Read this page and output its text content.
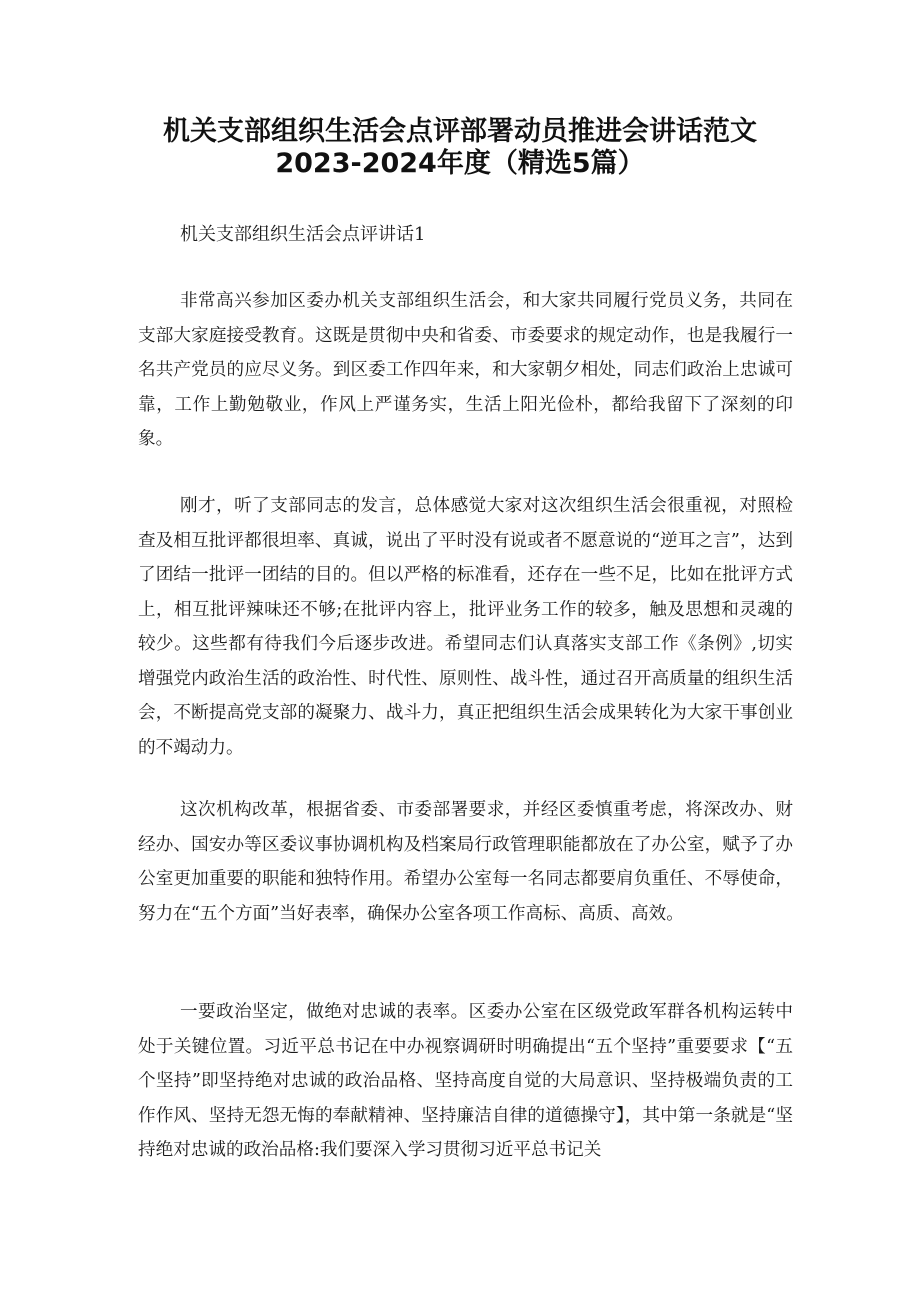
机关支部组织生活会点评部署动员推进会讲话范文
2023-2024年度（精选5篇）
机关支部组织生活会点评讲话1

非常高兴参加区委办机关支部组织生活会，和大家共同履行党员义务，共同在支部大家庭接受教育。这既是贯彻中央和省委、市委要求的规定动作，也是我履行一名共产党员的应尽义务。到区委工作四年来，和大家朝夕相处，同志们政治上忠诚可靠，工作上勤勉敬业，作风上严谨务实，生活上阳光俭朴，都给我留下了深刻的印象。

刚才，听了支部同志的发言，总体感觉大家对这次组织生活会很重视，对照检查及相互批评都很坦率、真诚，说出了平时没有说或者不愿意说的“逆耳之言”，达到了团结一批评一团结的目的。但以严格的标准看，还存在一些不足，比如在批评方式上，相互批评辣味还不够;在批评内容上，批评业务工作的较多，触及思想和灵魂的较少。这些都有待我们今后逐步改进。希望同志们认真落实支部工作《条例》,切实增强党内政治生活的政治性、时代性、原则性、战斗性，通过召开高质量的组织生活会，不断提高党支部的凝聚力、战斗力，真正把组织生活会成果转化为大家干事创业的不竭动力。

这次机构改革，根据省委、市委部署要求，并经区委慎重考虑，将深改办、财经办、国安办等区委议事协调机构及档案局行政管理职能都放在了办公室，赋予了办公室更加重要的职能和独特作用。希望办公室每一名同志都要肩负重任、不辱使命，努力在“五个方面”当好表率，确保办公室各项工作高标、高质、高效。

一要政治坚定，做绝对忠诚的表率。区委办公室在区级党政军群各机构运转中处于关键位置。习近平总书记在中办视察调研时明确提出“五个坚持”重要要求【“五个坚持”即坚持绝对忠诚的政治品格、坚持高度自觉的大局意识、坚持极端负责的工作作风、坚持无怨无悔的奉献精神、坚持廉洁自律的道德操守】，其中第一条就是“坚持绝对忠诚的政治品格:我们要深入学习贯彻习近平总书记关
